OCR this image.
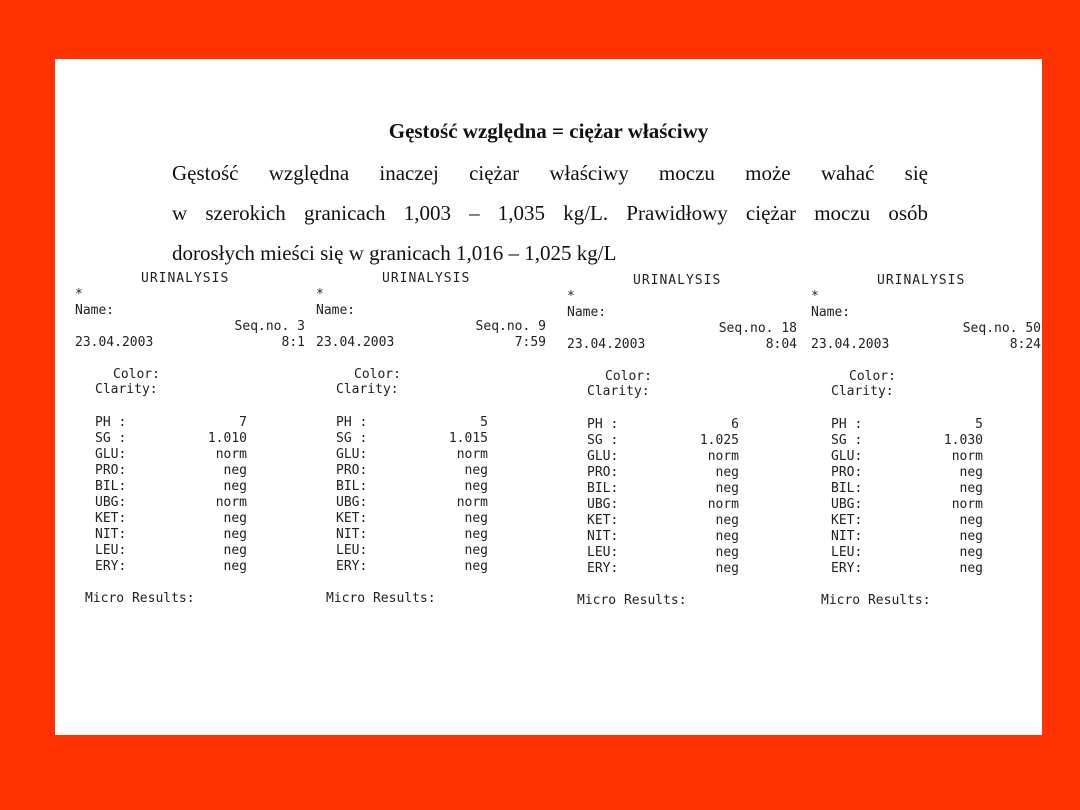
Gęstość względna = ciężar właściwy
Gęstość względna inaczej ciężar właściwy moczu może wahać się
w szerokich granicach 1,003 – 1,035 kg/L. Prawidłowy ciężar moczu osób
dorosłych mieści się w granicach 1,016 – 1,025 kg/L
URINALYSIS
*
Name:
Seq.no. 3
23.04.2003	8:1
Color:
Clarity:
PH :	7
SG :	1.010
GLU:	norm
PRO:	neg
BIL:	neg
UBG:	norm
KET:	neg
NIT:	neg
LEU:	neg
ERY:	neg
Micro Results:
URINALYSIS
*
Name:
Seq.no. 9
23.04.2003	7:59
Color:
Clarity:
PH :	5
SG :	1.015
GLU:	norm
PRO:	neg
BIL:	neg
UBG:	norm
KET:	neg
NIT:	neg
LEU:	neg
ERY:	neg
Micro Results:
URINALYSIS
*
Name:
Seq.no. 18
23.04.2003	8:04
Color:
Clarity:
PH :	6
SG :	1.025
GLU:	norm
PRO:	neg
BIL:	neg
UBG:	norm
KET:	neg
NIT:	neg
LEU:	neg
ERY:	neg
Micro Results:
URINALYSIS
*
Name:
Seq.no. 50
23.04.2003	8:24
Color:
Clarity:
PH :	5
SG :	1.030
GLU:	norm
PRO:	neg
BIL:	neg
UBG:	norm
KET:	neg
NIT:	neg
LEU:	neg
ERY:	neg
Micro Results:
